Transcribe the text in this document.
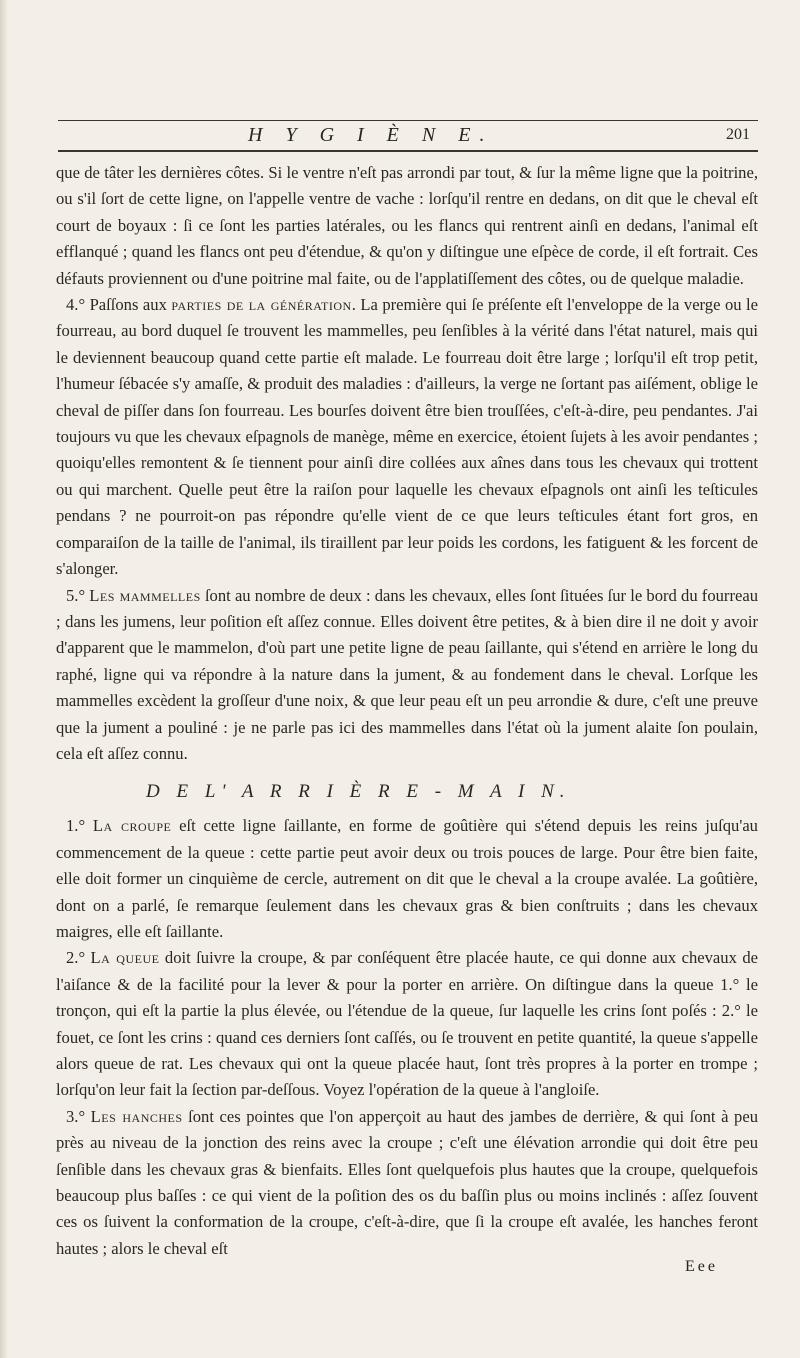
H Y G I È N E.	201

que de tâter les dernières côtes. Si le ventre n'eſt pas arrondi par tout, & ſur la même ligne que la poitrine, ou s'il ſort de cette ligne, on l'appelle ventre de vache : lorſqu'il rentre en dedans, on dit que le cheval eſt court de boyaux : ſi ce ſont les parties latérales, ou les flancs qui rentrent ainſi en dedans, l'animal eſt efflanqué ; quand les flancs ont peu d'étendue, & qu'on y diſtingue une eſpèce de corde, il eſt fortrait. Ces défauts proviennent ou d'une poitrine mal faite, ou de l'applatiſſement des côtes, ou de quelque maladie.

4.° Paſſons aux parties de la génération. La première qui ſe préſente eſt l'enveloppe de la verge ou le fourreau, au bord duquel ſe trouvent les mammelles, peu ſenſibles à la vérité dans l'état naturel, mais qui le deviennent beaucoup quand cette partie eſt malade. Le fourreau doit être large ; lorſqu'il eſt trop petit, l'humeur ſébacée s'y amaſſe, & produit des maladies : d'ailleurs, la verge ne ſortant pas aiſément, oblige le cheval de piſſer dans ſon fourreau. Les bourſes doivent être bien trouſſées, c'eſt-à-dire, peu pendantes. J'ai toujours vu que les chevaux eſpagnols de manège, même en exercice, étoient ſujets à les avoir pendantes ; quoiqu'elles remontent & ſe tiennent pour ainſi dire collées aux aînes dans tous les chevaux qui trottent ou qui marchent. Quelle peut être la raiſon pour laquelle les chevaux eſpagnols ont ainſi les teſticules pendans ? ne pourroit-on pas répondre qu'elle vient de ce que leurs teſticules étant fort gros, en comparaiſon de la taille de l'animal, ils tiraillent par leur poids les cordons, les fatiguent & les forcent de s'alonger.

5.° Les mammelles ſont au nombre de deux : dans les chevaux, elles ſont ſituées ſur le bord du fourreau ; dans les jumens, leur poſition eſt aſſez connue. Elles doivent être petites, & à bien dire il ne doit y avoir d'apparent que le mammelon, d'où part une petite ligne de peau ſaillante, qui s'étend en arrière le long du raphé, ligne qui va répondre à la nature dans la jument, & au fondement dans le cheval. Lorſque les mammelles excèdent la groſſeur d'une noix, & que leur peau eſt un peu arrondie & dure, c'eſt une preuve que la jument a pouliné : je ne parle pas ici des mammelles dans l'état où la jument alaite ſon poulain, cela eſt aſſez connu.

D E L' A R R I È R E - M A I N.

1.° La croupe eſt cette ligne ſaillante, en forme de goûtière qui s'étend depuis les reins juſqu'au commencement de la queue : cette partie peut avoir deux ou trois pouces de large. Pour être bien faite, elle doit former un cinquième de cercle, autrement on dit que le cheval a la croupe avalée. La goûtière, dont on a parlé, ſe remarque ſeulement dans les chevaux gras & bien conſtruits ; dans les chevaux maigres, elle eſt ſaillante.

2.° La queue doit ſuivre la croupe, & par conſéquent être placée haute, ce qui donne aux chevaux de l'aiſance & de la facilité pour la lever & pour la porter en arrière. On diſtingue dans la queue 1.° le tronçon, qui eſt la partie la plus élevée, ou l'étendue de la queue, ſur laquelle les crins ſont poſés : 2.° le fouet, ce ſont les crins : quand ces derniers ſont caſſés, ou ſe trouvent en petite quantité, la queue s'appelle alors queue de rat. Les chevaux qui ont la queue placée haut, ſont très propres à la porter en trompe ; lorſqu'on leur fait la ſection par-deſſous. Voyez l'opération de la queue à l'angloiſe.

3.° Les hanches ſont ces pointes que l'on apperçoit au haut des jambes de derrière, & qui ſont à peu près au niveau de la jonction des reins avec la croupe ; c'eſt une élévation arrondie qui doit être peu ſenſible dans les chevaux gras & bienfaits. Elles ſont quelquefois plus hautes que la croupe, quelquefois beaucoup plus baſſes : ce qui vient de la poſition des os du baſſin plus ou moins inclinés : aſſez ſouvent ces os ſuivent la conformation de la croupe, c'eſt-à-dire, que ſi la croupe eſt avalée, les hanches feront hautes ; alors le cheval eſt

Eee
